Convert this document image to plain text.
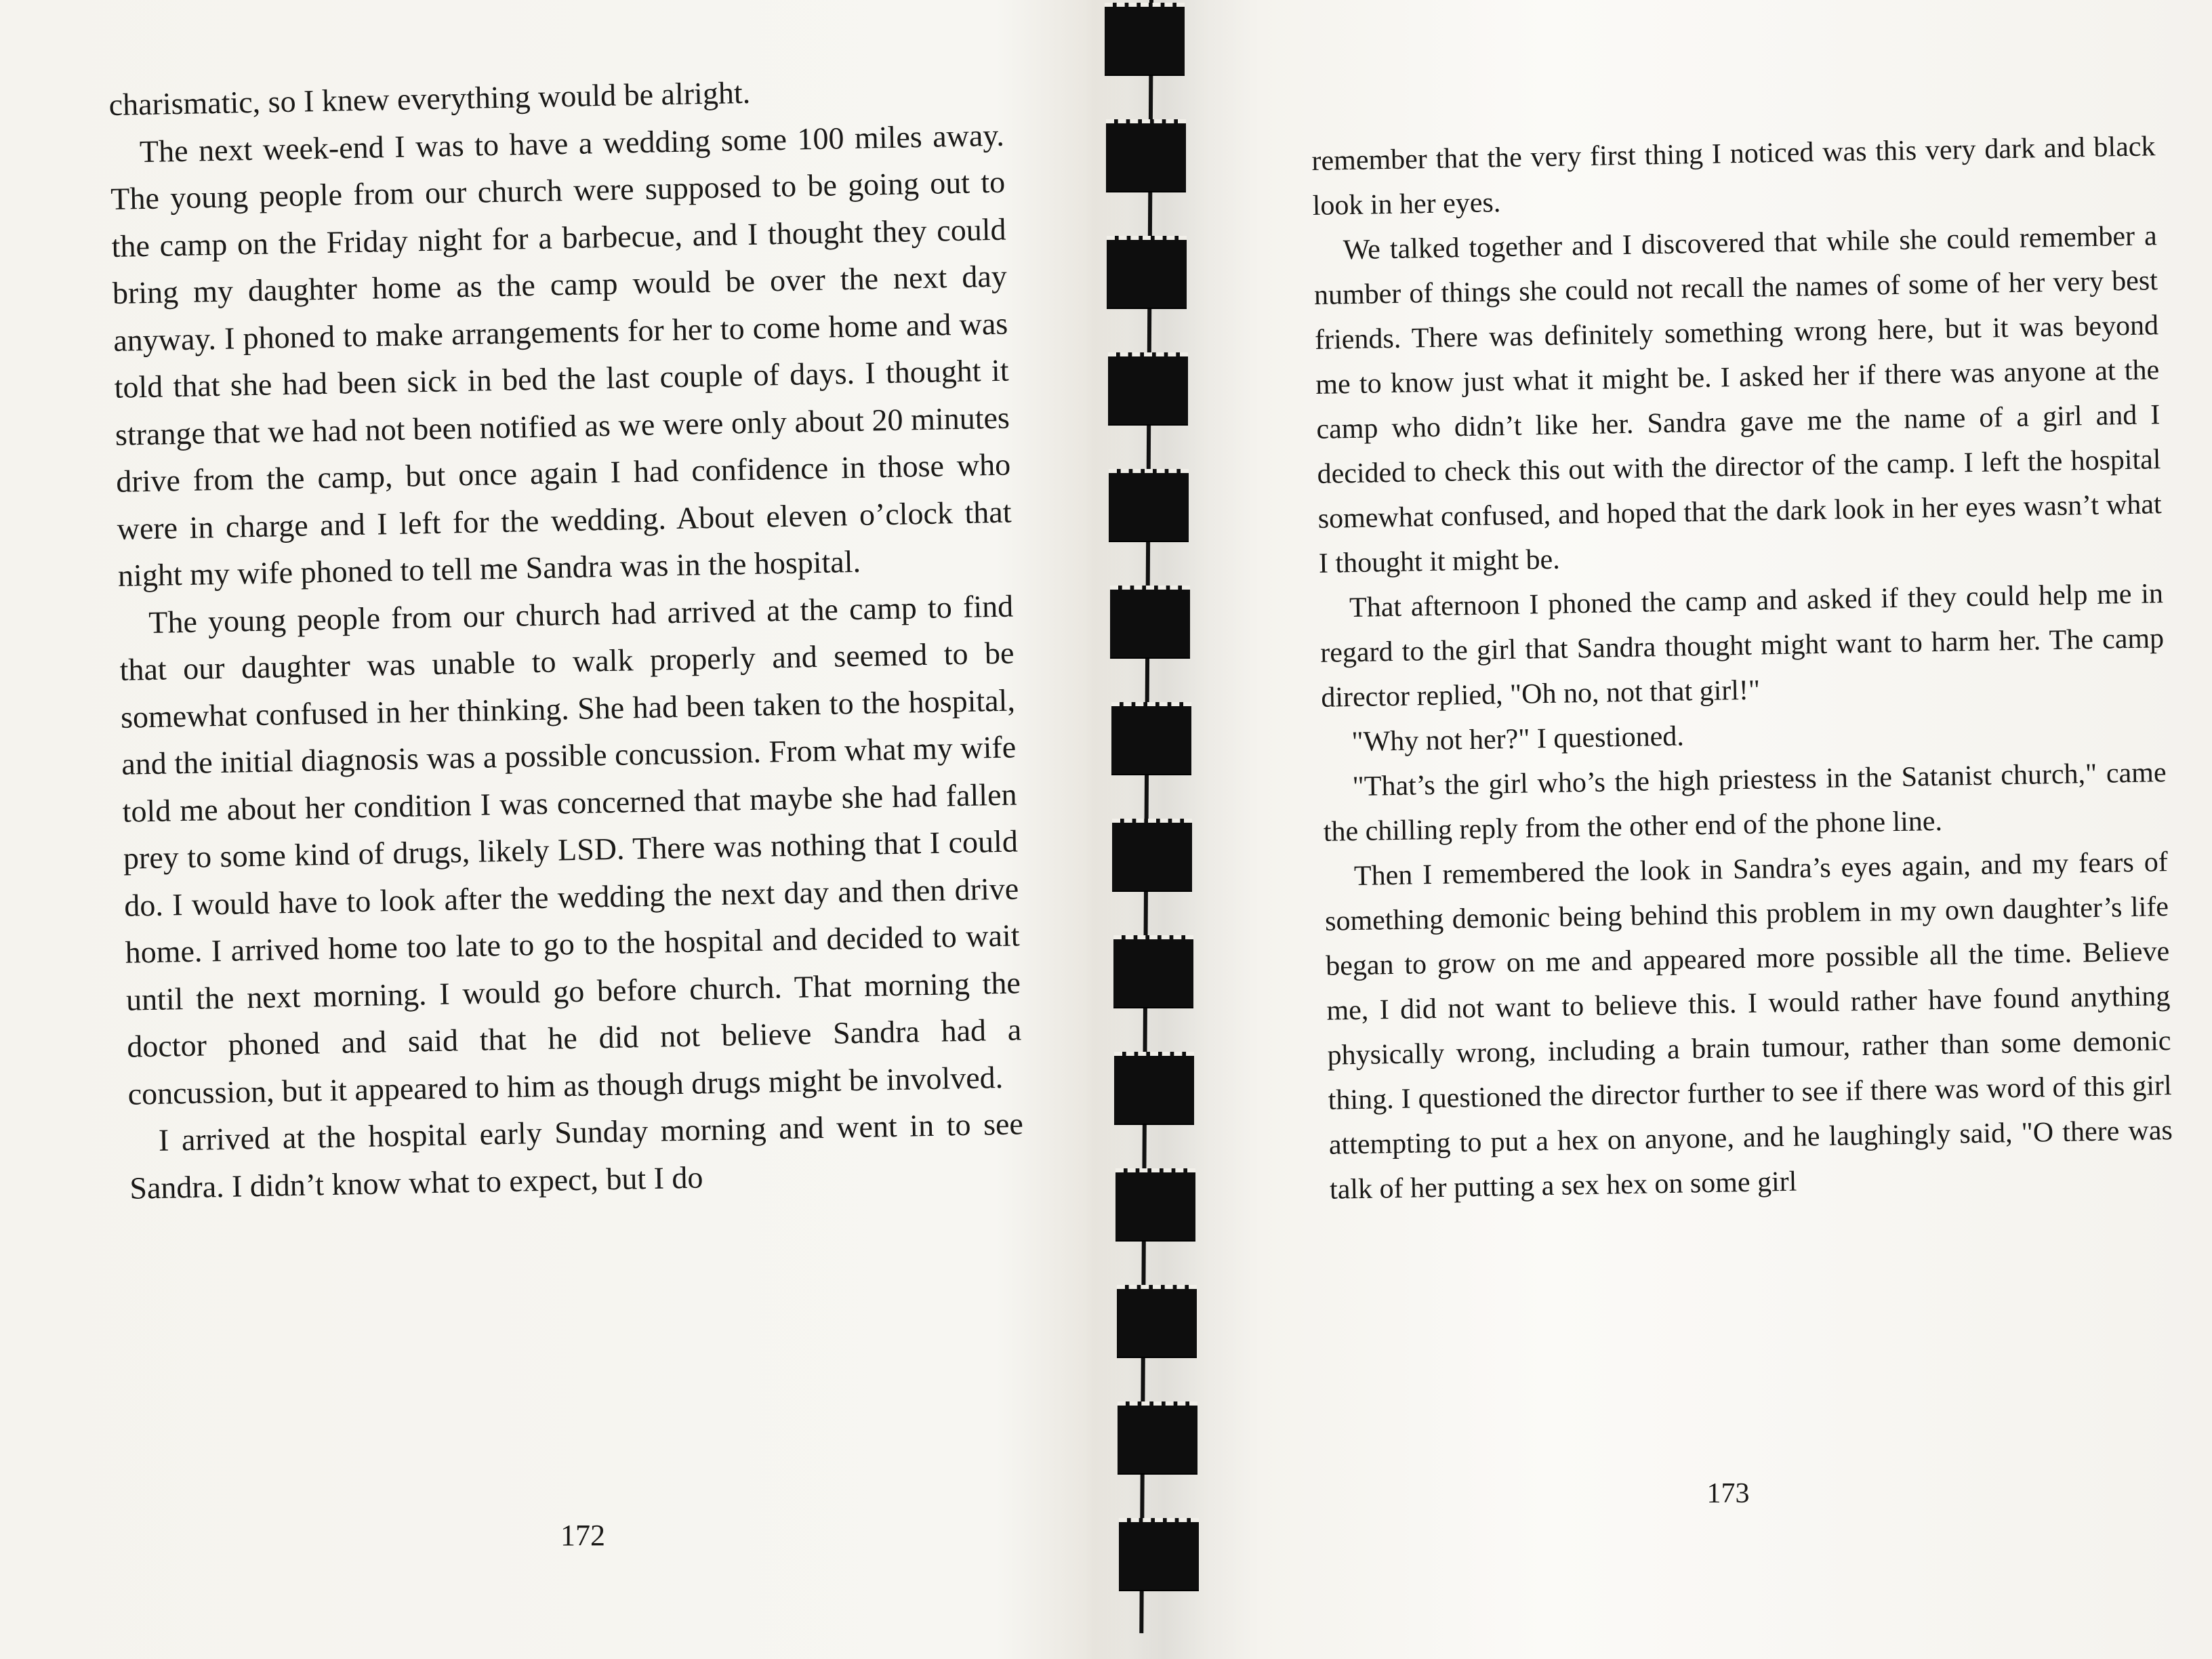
charismatic, so I knew everything would be alright.

The next week-end I was to have a wedding some 100 miles away. The young people from our church were supposed to be going out to the camp on the Friday night for a barbecue, and I thought they could bring my daughter home as the camp would be over the next day anyway. I phoned to make arrangements for her to come home and was told that she had been sick in bed the last couple of days. I thought it strange that we had not been notified as we were only about 20 minutes drive from the camp, but once again I had confidence in those who were in charge and I left for the wedding. About eleven o’clock that night my wife phoned to tell me Sandra was in the hospital.

The young people from our church had arrived at the camp to find that our daughter was unable to walk properly and seemed to be somewhat confused in her thinking. She had been taken to the hospital, and the initial diagnosis was a possible concussion. From what my wife told me about her condition I was concerned that maybe she had fallen prey to some kind of drugs, likely LSD. There was nothing that I could do. I would have to look after the wedding the next day and then drive home. I arrived home too late to go to the hospital and decided to wait until the next morning. I would go before church. That morning the doctor phoned and said that he did not believe Sandra had a concussion, but it appeared to him as though drugs might be involved.

I arrived at the hospital early Sunday morning and went in to see Sandra. I didn’t know what to expect, but I do

172

remember that the very first thing I noticed was this very dark and black look in her eyes.

We talked together and I discovered that while she could remember a number of things she could not recall the names of some of her very best friends. There was definitely something wrong here, but it was beyond me to know just what it might be. I asked her if there was anyone at the camp who didn’t like her. Sandra gave me the name of a girl and I decided to check this out with the director of the camp. I left the hospital somewhat confused, and hoped that the dark look in her eyes wasn’t what I thought it might be.

That afternoon I phoned the camp and asked if they could help me in regard to the girl that Sandra thought might want to harm her. The camp director replied, "Oh no, not that girl!"

"Why not her?" I questioned.

"That’s the girl who’s the high priestess in the Satanist church," came the chilling reply from the other end of the phone line.

Then I remembered the look in Sandra’s eyes again, and my fears of something demonic being behind this problem in my own daughter’s life began to grow on me and appeared more possible all the time. Believe me, I did not want to believe this. I would rather have found anything physically wrong, including a brain tumour, rather than some demonic thing. I questioned the director further to see if there was word of this girl attempting to put a hex on anyone, and he laughingly said, "O there was talk of her putting a sex hex on some girl

173
